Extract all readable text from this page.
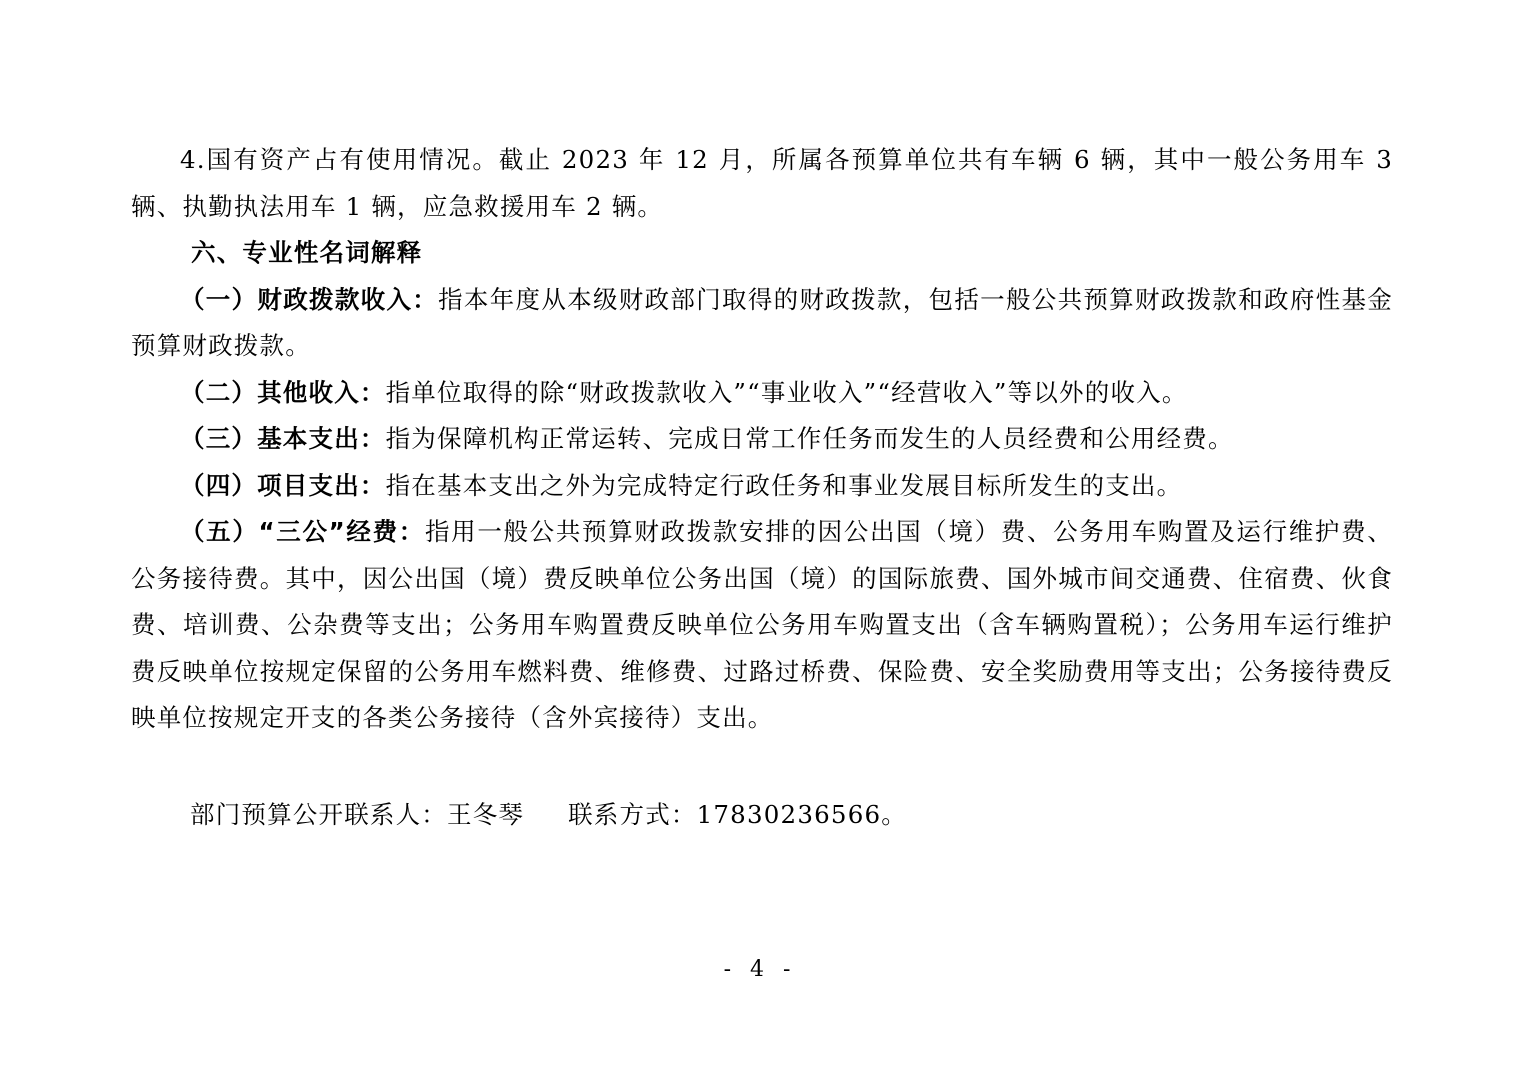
4.国有资产占有使用情况。截止 2023 年 12 月，所属各预算单位共有车辆 6 辆，其中一般公务用车 3 辆、执勤执法用车 1 辆，应急救援用车 2 辆。

六、专业性名词解释

（一）财政拨款收入：指本年度从本级财政部门取得的财政拨款，包括一般公共预算财政拨款和政府性基金预算财政拨款。

（二）其他收入：指单位取得的除“财政拨款收入”“事业收入”“经营收入”等以外的收入。

（三）基本支出：指为保障机构正常运转、完成日常工作任务而发生的人员经费和公用经费。

（四）项目支出：指在基本支出之外为完成特定行政任务和事业发展目标所发生的支出。

（五）“三公”经费：指用一般公共预算财政拨款安排的因公出国（境）费、公务用车购置及运行维护费、公务接待费。其中，因公出国（境）费反映单位公务出国（境）的国际旅费、国外城市间交通费、住宿费、伙食费、培训费、公杂费等支出；公务用车购置费反映单位公务用车购置支出（含车辆购置税）；公务用车运行维护费反映单位按规定保留的公务用车燃料费、维修费、过路过桥费、保险费、安全奖励费用等支出；公务接待费反映单位按规定开支的各类公务接待（含外宾接待）支出。

部门预算公开联系人：王冬琴 联系方式：17830236566。
- 4 -
